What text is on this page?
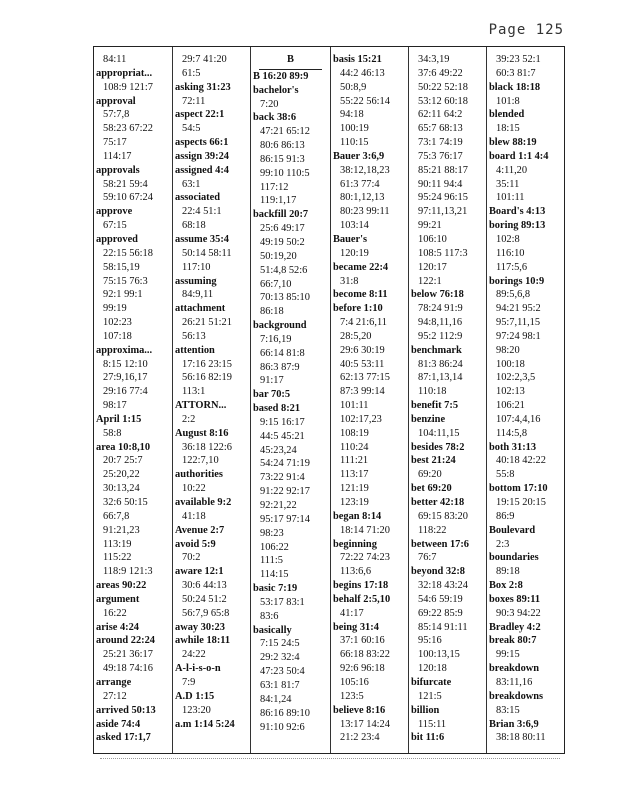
Page 125
84:11
appropriat...
108:9 121:7
approval
57:7,8
58:23 67:22
75:17
114:17
approvals
58:21 59:4
59:10 67:24
approve
67:15
approved
22:15 56:18
58:15,19
75:15 76:3
92:1 99:1
99:19
102:23
107:18
approxima...
8:15 12:10
27:9,16,17
29:16 77:4
98:17
April 1:15
58:8
area 10:8,10
20:7 25:7
25:20,22
30:13,24
32:6 50:15
66:7,8
91:21,23
113:19
115:22
118:9 121:3
areas 90:22
argument
16:22
arise 4:24
around 22:24
25:21 36:17
49:18 74:16
arrange
27:12
arrived 50:13
aside 74:4
asked 17:1,7
29:7 41:20
61:5
asking 31:23
72:11
aspect 22:1
54:5
aspects 66:1
assign 39:24
assigned 4:4
63:1
associated
22:4 51:1
68:18
assume 35:4
50:14 58:11
117:10
assuming
84:9,11
attachment
26:21 51:21
56:13
attention
17:16 23:15
56:16 82:19
113:1
ATTORN...
2:2
August 8:16
36:18 122:6
122:7,10
authorities
10:22
available 9:2
41:18
Avenue 2:7
avoid 5:9
70:2
aware 12:1
30:6 44:13
50:24 51:2
56:7,9 65:8
away 30:23
awhile 18:11
24:22
A-l-i-s-o-n
7:9
A.D 1:15
123:20
a.m 1:14 5:24
B
B 16:20 89:9
bachelor's
7:20
back 38:6
47:21 65:12
80:6 86:13
86:15 91:3
99:10 110:5
117:12
119:1,17
backfill 20:7
25:6 49:17
49:19 50:2
50:19,20
51:4,8 52:6
66:7,10
70:13 85:10
86:18
background
7:16,19
66:14 81:8
86:3 87:9
91:17
bar 70:5
based 8:21
9:15 16:17
44:5 45:21
45:23,24
54:24 71:19
73:22 91:4
91:22 92:17
92:21,22
95:17 97:14
98:23
106:22
111:5
114:15
basic 7:19
53:17 83:1
83:6
basically
7:15 24:5
29:2 32:4
47:23 50:4
63:1 81:7
84:1,24
86:16 89:10
91:10 92:6
basis 15:21
44:2 46:13
50:8,9
55:22 56:14
94:18
100:19
110:15
Bauer 3:6,9
38:12,18,23
61:3 77:4
80:1,12,13
80:23 99:11
103:14
Bauer's
120:19
became 22:4
31:8
become 8:11
before 1:10
7:4 21:6,11
28:5,20
29:6 30:19
40:5 53:11
62:13 77:15
87:3 99:14
101:11
102:17,23
108:19
110:24
111:21
113:17
121:19
123:19
began 8:14
18:14 71:20
beginning
72:22 74:23
113:6,6
begins 17:18
behalf 2:5,10
41:17
being 31:4
37:1 60:16
66:18 83:22
92:6 96:18
105:16
123:5
believe 8:16
13:17 14:24
21:2 23:4
34:3,19
37:6 49:22
50:22 52:18
53:12 60:18
62:11 64:2
65:7 68:13
73:1 74:19
75:3 76:17
85:21 88:17
90:11 94:4
95:24 96:15
97:11,13,21
99:21
106:10
108:5 117:3
120:17
122:1
below 76:18
78:24 91:9
94:8,11,16
95:2 112:9
benchmark
81:3 86:24
87:1,13,14
110:18
benefit 7:5
benzine
104:11,15
besides 78:2
best 21:24
69:20
bet 69:20
better 42:18
69:15 83:20
118:22
between 17:6
76:7
beyond 32:8
32:18 43:24
54:6 59:19
69:22 85:9
85:14 91:11
95:16
100:13,15
120:18
bifurcate
121:5
billion
115:11
bit 11:6
39:23 52:1
60:3 81:7
black 18:18
101:8
blended
18:15
blew 88:19
board 1:1 4:4
4:11,20
35:11
101:11
Board's 4:13
boring 89:13
102:8
116:10
117:5,6
borings 10:9
89:5,6,8
94:21 95:2
95:7,11,15
97:24 98:1
98:20
100:18
102:2,3,5
102:13
106:21
107:4,4,16
114:5,8
both 31:13
40:18 42:22
55:8
bottom 17:10
19:15 20:15
86:9
Boulevard
2:3
boundaries
89:18
Box 2:8
boxes 89:11
90:3 94:22
Bradley 4:2
break 80:7
99:15
breakdown
83:11,16
breakdowns
83:15
Brian 3:6,9
38:18 80:11
